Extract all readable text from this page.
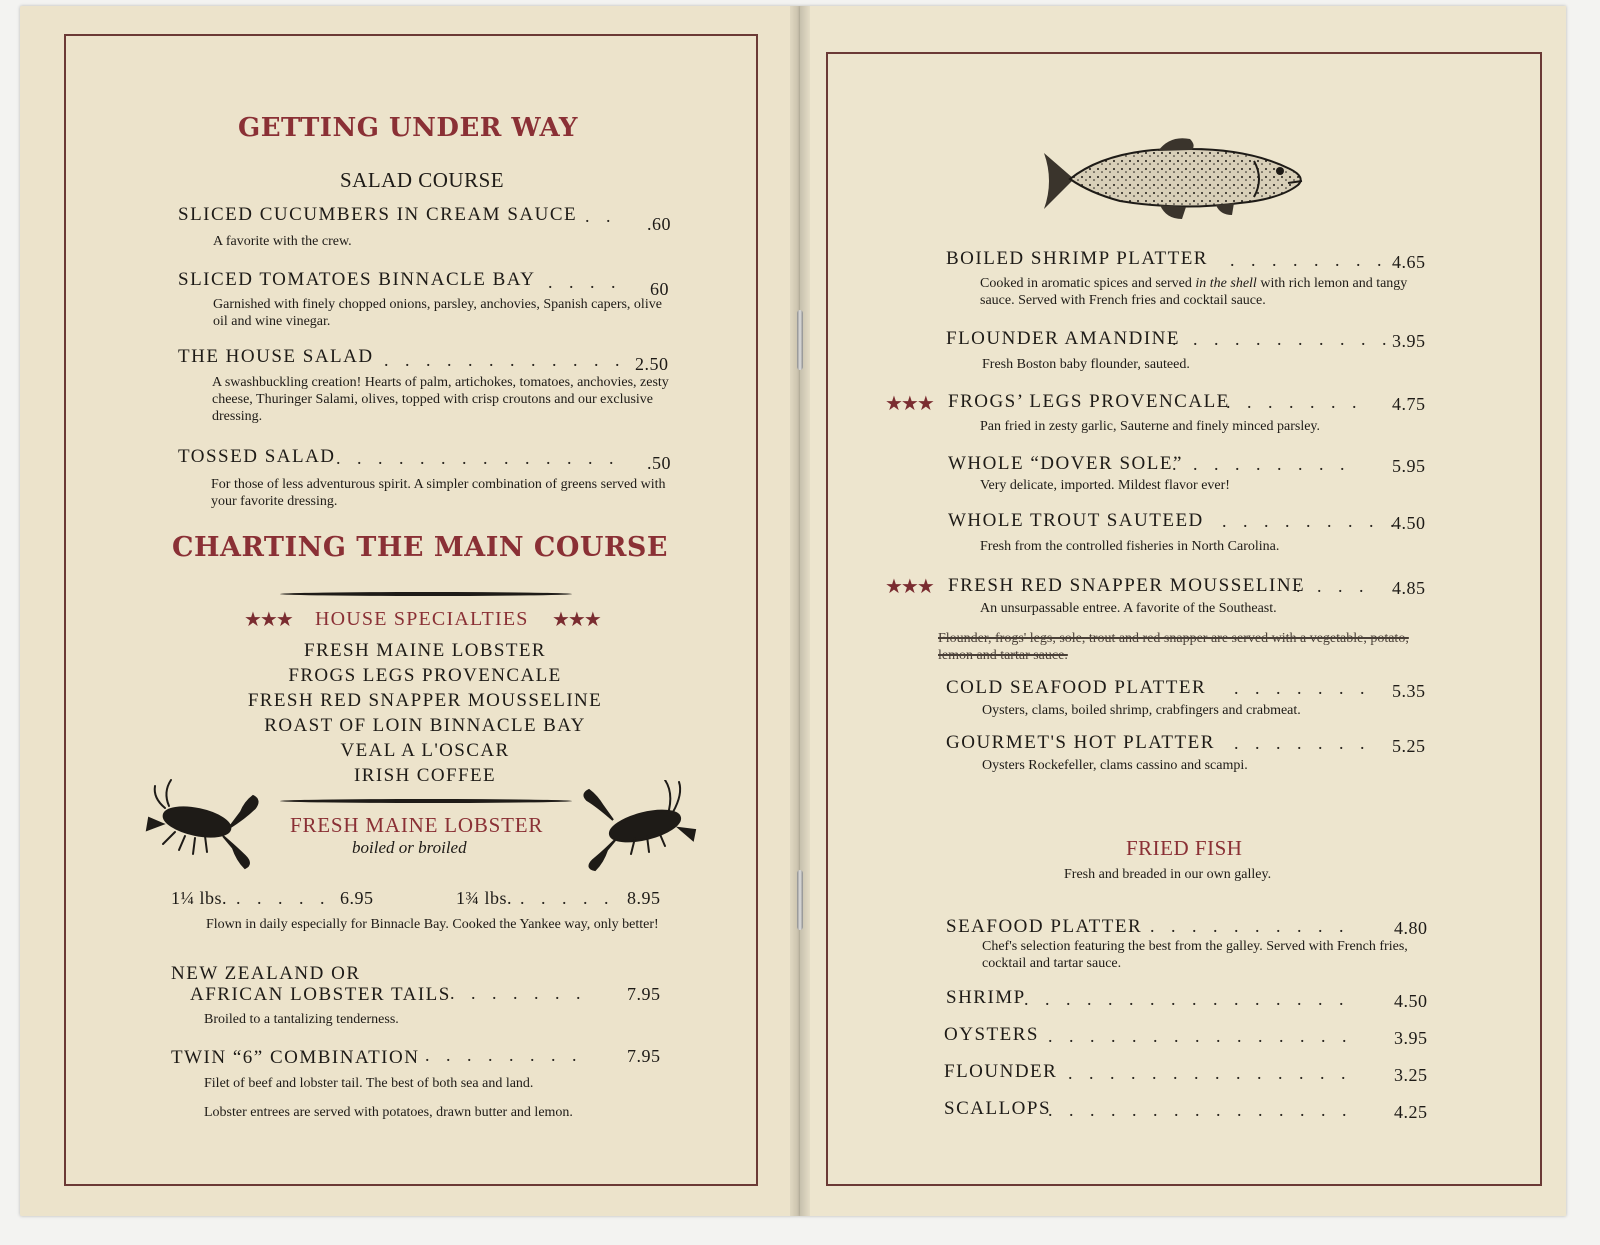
GETTING UNDER WAY
SALAD COURSE
SLICED CUCUMBERS IN CREAM SAUCE . . .60
A favorite with the crew.
SLICED TOMATOES BINNACLE BAY . . . . 60
Garnished with finely chopped onions, parsley, anchovies, Spanish capers, olive oil and wine vinegar.
THE HOUSE SALAD . . . . . . . . . . . . 2.50
A swashbuckling creation! Hearts of palm, artichokes, tomatoes, anchovies, zesty cheese, Thuringer Salami, olives, topped with crisp croutons and our exclusive dressing.
TOSSED SALAD . . . . . . . . . . . . . . .50
For those of less adventurous spirit. A simpler combination of greens served with your favorite dressing.
CHARTING THE MAIN COURSE
★★★ HOUSE SPECIALTIES ★★★
FRESH MAINE LOBSTER
FROGS LEGS PROVENCALE
FRESH RED SNAPPER MOUSSELINE
ROAST OF LOIN BINNACLE BAY
VEAL A L'OSCAR
IRISH COFFEE
FRESH MAINE LOBSTER
boiled or broiled
1¼ lbs. . . . . . 6.95	1¾ lbs. . . . . . 8.95
Flown in daily especially for Binnacle Bay. Cooked the Yankee way, only better!
NEW ZEALAND OR
AFRICAN LOBSTER TAILS . . . . . . . 7.95
Broiled to a tantalizing tenderness.
TWIN “6” COMBINATION . . . . . . . . 7.95
Filet of beef and lobster tail. The best of both sea and land.
Lobster entrees are served with potatoes, drawn butter and lemon.
BOILED SHRIMP PLATTER . . . . . . . . 4.65
Cooked in aromatic spices and served in the shell with rich lemon and tangy sauce. Served with French fries and cocktail sauce.
FLOUNDER AMANDINE
. . . . . . . . . . . 3.95
Fresh Boston baby flounder, sauteed.
★★★ FROGS’ LEGS PROVENCALE
. . . . . . . 4.75
Pan fried in zesty garlic, Sauterne and finely minced parsley.
WHOLE “DOVER SOLE”
. . . . . . . . . 5.95
Very delicate, imported. Mildest flavor ever!
WHOLE TROUT SAUTEED . . . . . . . . .
4.50
Fresh from the controlled fisheries in North Carolina.
★★★ FRESH RED SNAPPER MOUSSELINE
. . . . 4.85
An unsurpassable entree. A favorite of the Southeast.
Flounder, frogs' legs, sole, trout and red snapper are served with a vegetable, potato, lemon and tartar sauce.
COLD SEAFOOD PLATTER . . . . . . . 5.35
Oysters, clams, boiled shrimp, crabfingers and crabmeat.
GOURMET'S HOT PLATTER . . . . . . . 5.25
Oysters Rockefeller, clams cassino and scampi.
FRIED FISH
Fresh and breaded in our own galley.
SEAFOOD PLATTER . . . . . . . . . . 4.80
Chef's selection featuring the best from the galley. Served with French fries, cocktail and tartar sauce.
SHRIMP
. . . . . . . . . . . . . . . . 4.50
OYSTERS . . . . . . . . . . . . . . . 3.95
FLOUNDER . . . . . . . . . . . . . . 3.25
SCALLOPS
. . . . . . . . . . . . . . . 4.25
